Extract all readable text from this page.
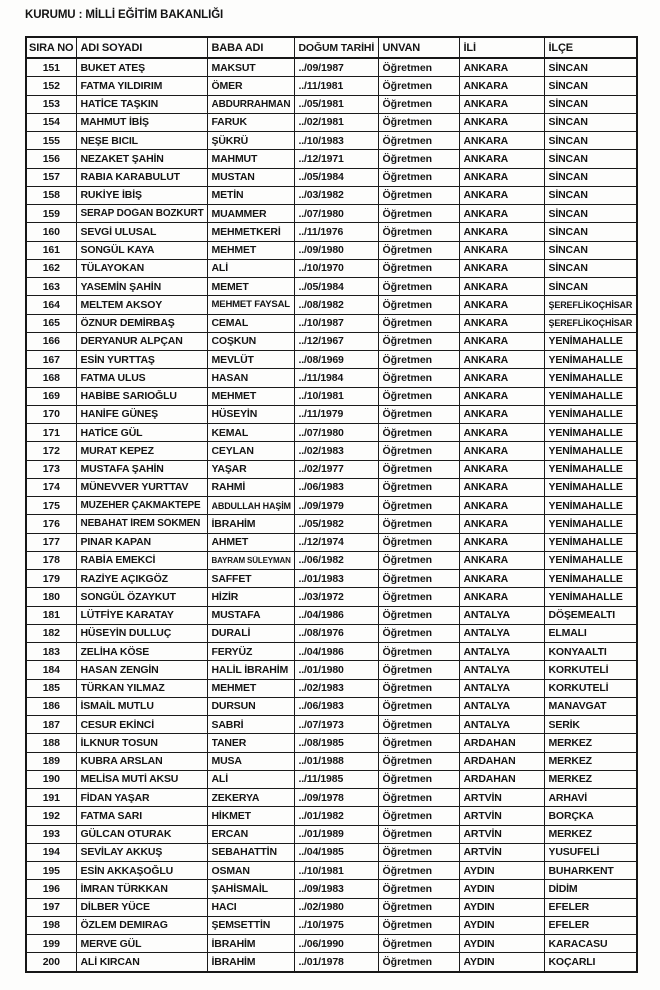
KURUMU : MİLLİ EĞİTİM BAKANLIĞI
SIRA NO	ADI SOYADI	BABA ADI	DOĞUM TARİHİ	UNVAN	İLİ	İLÇE

151	BUKET ATEŞ	MAKSUT	../09/1987	Öğretmen	ANKARA	SİNCAN

152	FATMA YILDIRIM	ÖMER	../11/1981	Öğretmen	ANKARA	SİNCAN

153	HATİCE TAŞKIN	ABDURRAHMAN	../05/1981	Öğretmen	ANKARA	SİNCAN

154	MAHMUT İBİŞ	FARUK	../02/1981	Öğretmen	ANKARA	SİNCAN

155	NEŞE BICIL	ŞÜKRÜ	../10/1983	Öğretmen	ANKARA	SİNCAN

156	NEZAKET ŞAHİN	MAHMUT	../12/1971	Öğretmen	ANKARA	SİNCAN

157	RABIA KARABULUT	MUSTAN	../05/1984	Öğretmen	ANKARA	SİNCAN

158	RUKİYE İBİŞ	METİN	../03/1982	Öğretmen	ANKARA	SİNCAN

159	SERAP DOĞAN BOZKURT	MUAMMER	../07/1980	Öğretmen	ANKARA	SİNCAN

160	SEVGİ ULUSAL	MEHMETKERİ	../11/1976	Öğretmen	ANKARA	SİNCAN

161	SONGÜL KAYA	MEHMET	../09/1980	Öğretmen	ANKARA	SİNCAN

162	TÜLAYOKAN	ALİ	../10/1970	Öğretmen	ANKARA	SİNCAN

163	YASEMİN ŞAHİN	MEMET	../05/1984	Öğretmen	ANKARA	SİNCAN

164	MELTEM AKSOY	MEHMET FAYSAL	../08/1982	Öğretmen	ANKARA	ŞEREFLİKOÇHİSAR

165	ÖZNUR DEMİRBAŞ	CEMAL	../10/1987	Öğretmen	ANKARA	ŞEREFLİKOÇHİSAR

166	DERYANUR ALPÇAN	COŞKUN	../12/1967	Öğretmen	ANKARA	YENİMAHALLE

167	ESİN YURTTAŞ	MEVLÜT	../08/1969	Öğretmen	ANKARA	YENİMAHALLE

168	FATMA ULUS	HASAN	../11/1984	Öğretmen	ANKARA	YENİMAHALLE

169	HABİBE SARIOĞLU	MEHMET	../10/1981	Öğretmen	ANKARA	YENİMAHALLE

170	HANİFE GÜNEŞ	HÜSEYİN	../11/1979	Öğretmen	ANKARA	YENİMAHALLE

171	HATİCE GÜL	KEMAL	../07/1980	Öğretmen	ANKARA	YENİMAHALLE

172	MURAT KEPEZ	CEYLAN	../02/1983	Öğretmen	ANKARA	YENİMAHALLE

173	MUSTAFA ŞAHİN	YAŞAR	../02/1977	Öğretmen	ANKARA	YENİMAHALLE

174	MÜNEVVER YURTTAV	RAHMİ	../06/1983	Öğretmen	ANKARA	YENİMAHALLE

175	MÜZEHER ÇAKMAKTEPE	ABDULLAH HAŞİM	../09/1979	Öğretmen	ANKARA	YENİMAHALLE

176	NEBAHAT İREM SÖKMEN	İBRAHİM	../05/1982	Öğretmen	ANKARA	YENİMAHALLE

177	PINAR KAPAN	AHMET	../12/1974	Öğretmen	ANKARA	YENİMAHALLE

178	RABİA EMEKCİ	BAYRAM SÜLEYMAN	../06/1982	Öğretmen	ANKARA	YENİMAHALLE

179	RAZİYE AÇIKGÖZ	SAFFET	../01/1983	Öğretmen	ANKARA	YENİMAHALLE

180	SONGÜL ÖZAYKUT	HİZİR	../03/1972	Öğretmen	ANKARA	YENİMAHALLE

181	LÜTFİYE KARATAY	MUSTAFA	../04/1986	Öğretmen	ANTALYA	DÖŞEMEALTI

182	HÜSEYİN DULLUÇ	DURALİ	../08/1976	Öğretmen	ANTALYA	ELMALI

183	ZELİHA KÖSE	FERYÜZ	../04/1986	Öğretmen	ANTALYA	KONYAALTI

184	HASAN ZENGİN	HALİL İBRAHİM	../01/1980	Öğretmen	ANTALYA	KORKUTELİ

185	TÜRKAN YILMAZ	MEHMET	../02/1983	Öğretmen	ANTALYA	KORKUTELİ

186	İSMAİL MUTLU	DURSUN	../06/1983	Öğretmen	ANTALYA	MANAVGAT

187	CESUR EKİNCİ	SABRİ	../07/1973	Öğretmen	ANTALYA	SERİK

188	İLKNUR TOSUN	TANER	../08/1985	Öğretmen	ARDAHAN	MERKEZ

189	KUBRA ARSLAN	MUSA	../01/1988	Öğretmen	ARDAHAN	MERKEZ

190	MELİSA MUTİ AKSU	ALİ	../11/1985	Öğretmen	ARDAHAN	MERKEZ

191	FİDAN YAŞAR	ZEKERYA	../09/1978	Öğretmen	ARTVİN	ARHAVİ

192	FATMA SARI	HİKMET	../01/1982	Öğretmen	ARTVİN	BORÇKA

193	GÜLCAN OTURAK	ERCAN	../01/1989	Öğretmen	ARTVİN	MERKEZ

194	SEVİLAY AKKUŞ	SEBAHATTİN	../04/1985	Öğretmen	ARTVİN	YUSUFELİ

195	ESİN AKKAŞOĞLU	OSMAN	../10/1981	Öğretmen	AYDIN	BUHARKENT

196	İMRAN TÜRKKAN	ŞAHİSMAİL	../09/1983	Öğretmen	AYDIN	DİDİM

197	DİLBER YÜCE	HACI	../02/1980	Öğretmen	AYDIN	EFELER

198	ÖZLEM DEMIRAG	ŞEMSETTİN	../10/1975	Öğretmen	AYDIN	EFELER

199	MERVE GÜL	İBRAHİM	../06/1990	Öğretmen	AYDIN	KARACASU

200	ALİ KIRCAN	İBRAHİM	../01/1978	Öğretmen	AYDIN	KOÇARLI
